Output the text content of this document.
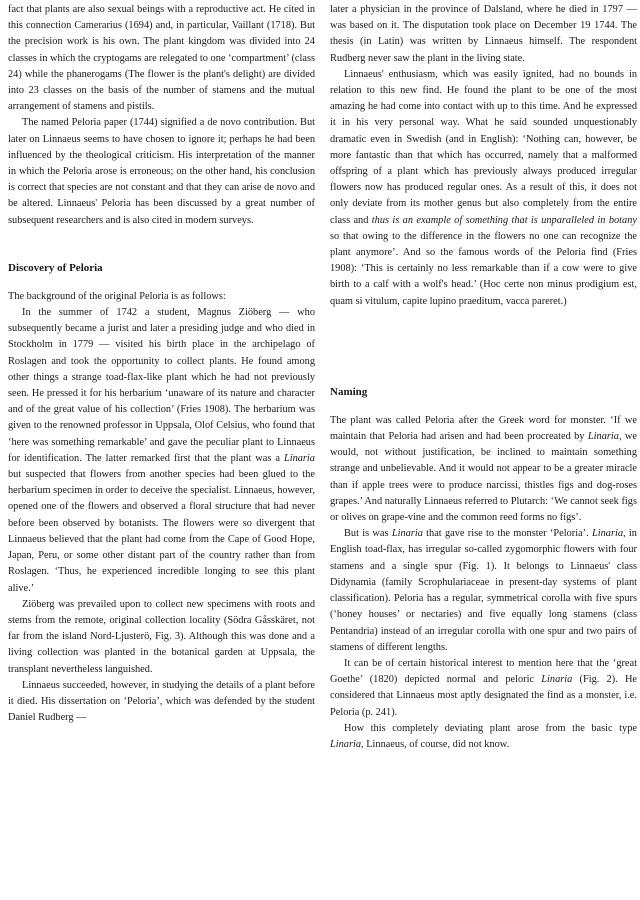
fact that plants are also sexual beings with a reproductive act. He cited in this connection Camerarius (1694) and, in particular, Vaillant (1718). But the precision work is his own. The plant kingdom was divided into 24 classes in which the cryptogams are relegated to one ‘compartment’ (class 24) while the phanerogams (The flower is the plant's delight) are divided into 23 classes on the basis of the number of stamens and the mutual arrangement of stamens and pistils.

The named Peloria paper (1744) signified a de novo contribution. But later on Linnaeus seems to have chosen to ignore it; perhaps he had been influenced by the theological criticism. His interpretation of the manner in which the Peloria arose is erroneous; on the other hand, his conclusion is correct that species are not constant and that they can arise de novo and be altered. Linnaeus' Peloria has been discussed by a great number of subsequent researchers and is also cited in modern surveys.

Discovery of Peloria

The background of the original Peloria is as follows:

In the summer of 1742 a student, Magnus Ziöberg — who subsequently became a jurist and later a presiding judge and who died in Stockholm in 1779 — visited his birth place in the archipelago of Roslagen and took the opportunity to collect plants. He found among other things a strange toad-flax-like plant which he had not previously seen. He pressed it for his herbarium ‘unaware of its nature and character and of the great value of his collection’ (Fries 1908). The herbarium was given to the renowned professor in Uppsala, Olof Celsius, who found that ‘here was something remarkable’ and gave the peculiar plant to Linnaeus for identification. The latter remarked first that the plant was a Linaria but suspected that flowers from another species had been glued to the herbarium specimen in order to deceive the specialist. Linnaeus, however, opened one of the flowers and observed a floral structure that had never before been observed by botanists. The flowers were so divergent that Linnaeus believed that the plant had come from the Cape of Good Hope, Japan, Peru, or some other distant part of the country rather than from Roslagen. ‘Thus, he experienced incredible longing to see this plant alive.’

Ziöberg was prevailed upon to collect new specimens with roots and stems from the remote, original collection locality (Södra Gåsskäret, not far from the island Nord-Ljusterö, Fig. 3). Although this was done and a living collection was planted in the botanical garden at Uppsala, the transplant nevertheless languished.

Linnaeus succeeded, however, in studying the details of a plant before it died. His dissertation on ‘Peloria’, which was defended by the student Daniel Rudberg —

later a physician in the province of Dalsland, where he died in 1797 — was based on it. The disputation took place on December 19 1744. The thesis (in Latin) was written by Linnaeus himself. The respondent Rudberg never saw the plant in the living state.

Linnaeus' enthusiasm, which was easily ignited, had no bounds in relation to this new find. He found the plant to be one of the most amazing he had come into contact with up to this time. And he expressed it in his very personal way. What he said sounded unquestionably dramatic even in Swedish (and in English): ‘Nothing can, however, be more fantastic than that which has occurred, namely that a malformed offspring of a plant which has previously always produced irregular flowers now has produced regular ones. As a result of this, it does not only deviate from its mother genus but also completely from the entire class and thus is an example of something that is unparalleled in botany so that owing to the difference in the flowers no one can recognize the plant anymore’. And so the famous words of the Peloria find (Fries 1908): ‘This is certainly no less remarkable than if a cow were to give birth to a calf with a wolf's head.’ (Hoc certe non minus prodigium est, quam si vitulum, capite lupino praeditum, vacca pareret.)

Naming

The plant was called Peloria after the Greek word for monster. ‘If we maintain that Peloria had arisen and had been procreated by Linaria, we would, not without justification, be inclined to maintain something strange and unbelievable. And it would not appear to be a greater miracle than if apple trees were to produce narcissi, thistles figs and dog-roses grapes.’ And naturally Linnaeus referred to Plutarch: ‘We cannot seek figs or olives on grape-vine and the common reed forms no figs’.

But is was Linaria that gave rise to the monster ‘Peloria’. Linaria, in English toad-flax, has irregular so-called zygomorphic flowers with four stamens and a single spur (Fig. 1). It belongs to Linnaeus' class Didynamia (family Scrophulariaceae in present-day systems of plant classification). Peloria has a regular, symmetrical corolla with five spurs (‘honey houses’ or nectaries) and five equally long stamens (class Pentandria) instead of an irregular corolla with one spur and two pairs of stamens of different lengths.

It can be of certain historical interest to mention here that the ‘great Goethe’ (1820) depicted normal and peloric Linaria (Fig. 2). He considered that Linnaeus most aptly designated the find as a monster, i.e. Peloria (p. 241).

How this completely deviating plant arose from the basic type Linaria, Linnaeus, of course, did not know.
